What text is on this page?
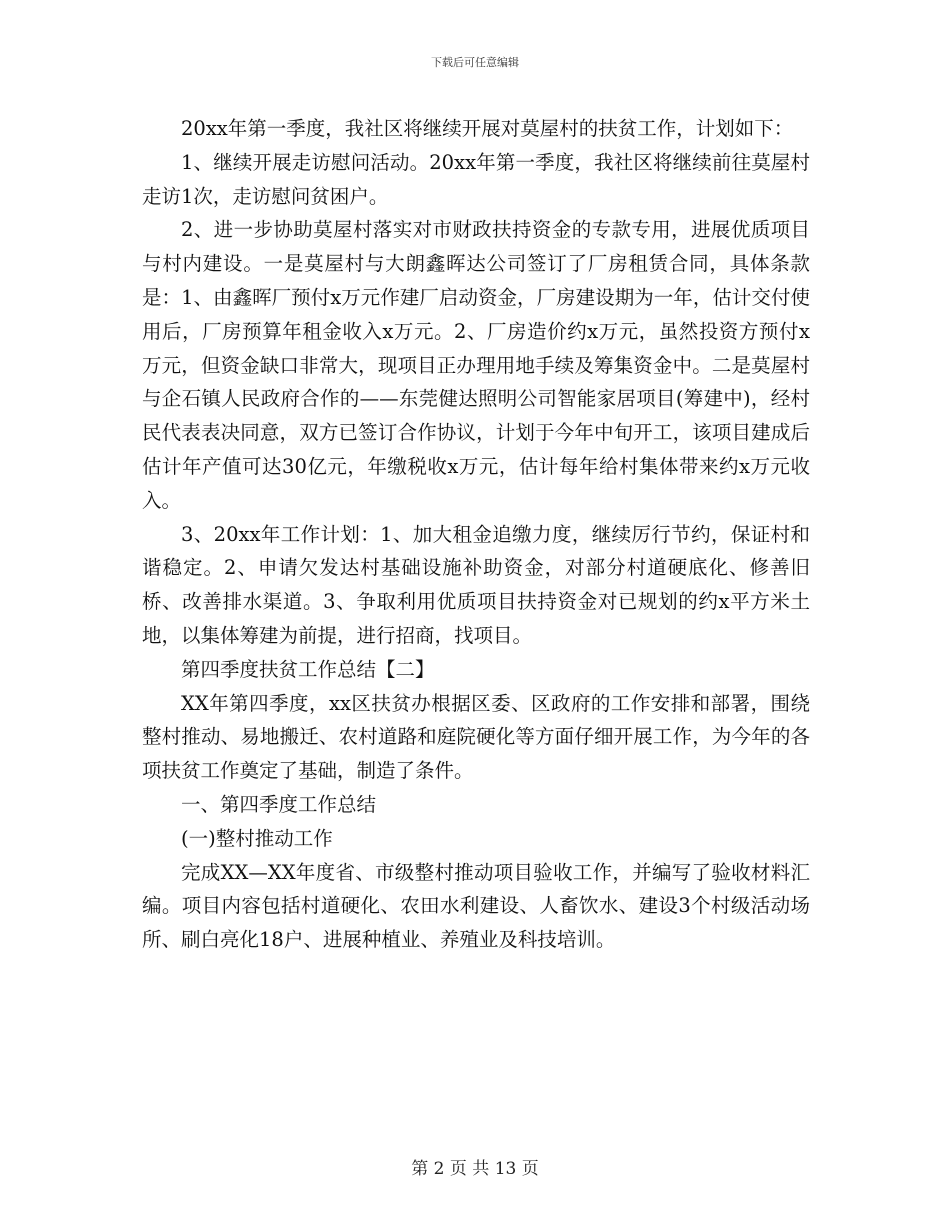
下载后可任意编辑

20xx年第一季度，我社区将继续开展对莫屋村的扶贫工作，计划如下：

1、继续开展走访慰问活动。20xx年第一季度，我社区将继续前往莫屋村走访1次，走访慰问贫困户。

2、进一步协助莫屋村落实对市财政扶持资金的专款专用，进展优质项目与村内建设。一是莫屋村与大朗鑫晖达公司签订了厂房租赁合同，具体条款是：1、由鑫晖厂预付x万元作建厂启动资金，厂房建设期为一年，估计交付使用后，厂房预算年租金收入x万元。2、厂房造价约x万元，虽然投资方预付x万元，但资金缺口非常大，现项目正办理用地手续及筹集资金中。二是莫屋村与企石镇人民政府合作的——东莞健达照明公司智能家居项目(筹建中)，经村民代表表决同意，双方已签订合作协议，计划于今年中旬开工，该项目建成后估计年产值可达30亿元，年缴税收x万元，估计每年给村集体带来约x万元收入。

3、20xx年工作计划：1、加大租金追缴力度，继续厉行节约，保证村和谐稳定。2、申请欠发达村基础设施补助资金，对部分村道硬底化、修善旧桥、改善排水渠道。3、争取利用优质项目扶持资金对已规划的约x平方米土地，以集体筹建为前提，进行招商，找项目。

第四季度扶贫工作总结【二】

XX年第四季度，xx区扶贫办根据区委、区政府的工作安排和部署，围绕整村推动、易地搬迁、农村道路和庭院硬化等方面仔细开展工作，为今年的各项扶贫工作奠定了基础，制造了条件。

一、第四季度工作总结

(一)整村推动工作

完成XX—XX年度省、市级整村推动项目验收工作，并编写了验收材料汇编。项目内容包括村道硬化、农田水利建设、人畜饮水、建设3个村级活动场所、刷白亮化18户、进展种植业、养殖业及科技培训。

第 2 页 共 13 页
